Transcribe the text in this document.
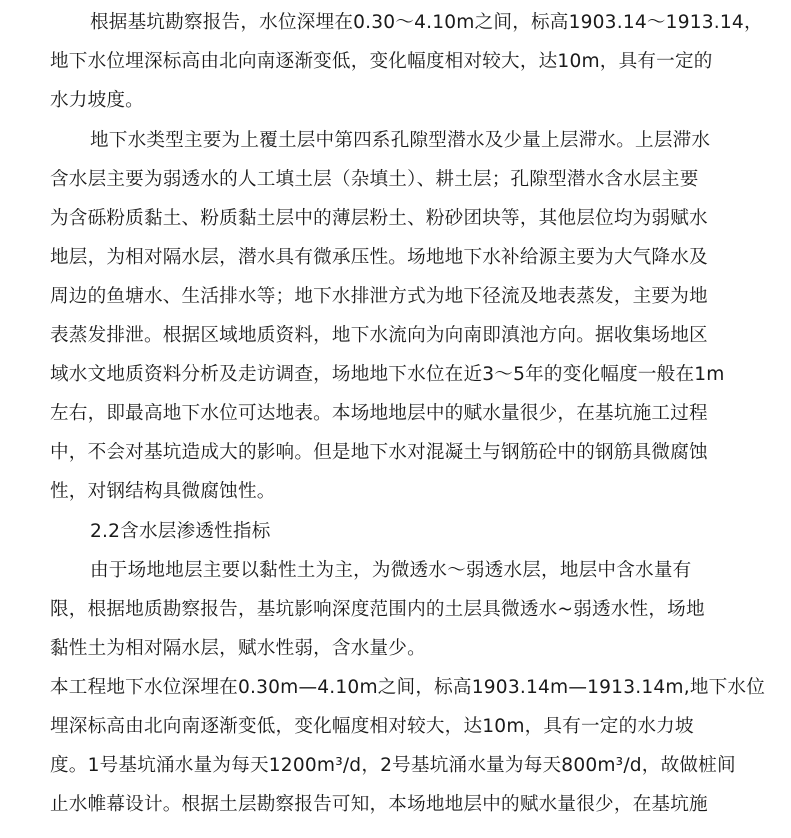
根据基坑勘察报告，水位深埋在0.30～4.10m之间，标高1903.14～1913.14，
地下水位埋深标高由北向南逐渐变低，变化幅度相对较大，达10m，具有一定的
水力坡度。
地下水类型主要为上覆土层中第四系孔隙型潜水及少量上层滞水。上层滞水
含水层主要为弱透水的人工填土层（杂填土）、耕土层；孔隙型潜水含水层主要
为含砾粉质黏土、粉质黏土层中的薄层粉土、粉砂团块等，其他层位均为弱赋水
地层，为相对隔水层，潜水具有微承压性。场地地下水补给源主要为大气降水及
周边的鱼塘水、生活排水等；地下水排泄方式为地下径流及地表蒸发，主要为地
表蒸发排泄。根据区域地质资料，地下水流向为向南即滇池方向。据收集场地区
域水文地质资料分析及走访调查，场地地下水位在近3～5年的变化幅度一般在1m
左右，即最高地下水位可达地表。本场地地层中的赋水量很少，在基坑施工过程
中，不会对基坑造成大的影响。但是地下水对混凝土与钢筋砼中的钢筋具微腐蚀
性，对钢结构具微腐蚀性。
2.2含水层渗透性指标
由于场地地层主要以黏性土为主，为微透水～弱透水层，地层中含水量有
限，根据地质勘察报告，基坑影响深度范围内的土层具微透水~弱透水性，场地
黏性土为相对隔水层，赋水性弱，含水量少。
本工程地下水位深埋在0.30m—4.10m之间，标高1903.14m—1913.14m,地下水位
埋深标高由北向南逐渐变低，变化幅度相对较大，达10m，具有一定的水力坡
度。1号基坑涌水量为每天1200m³/d，2号基坑涌水量为每天800m³/d，故做桩间
止水帷幕设计。根据土层勘察报告可知，本场地地层中的赋水量很少，在基坑施
